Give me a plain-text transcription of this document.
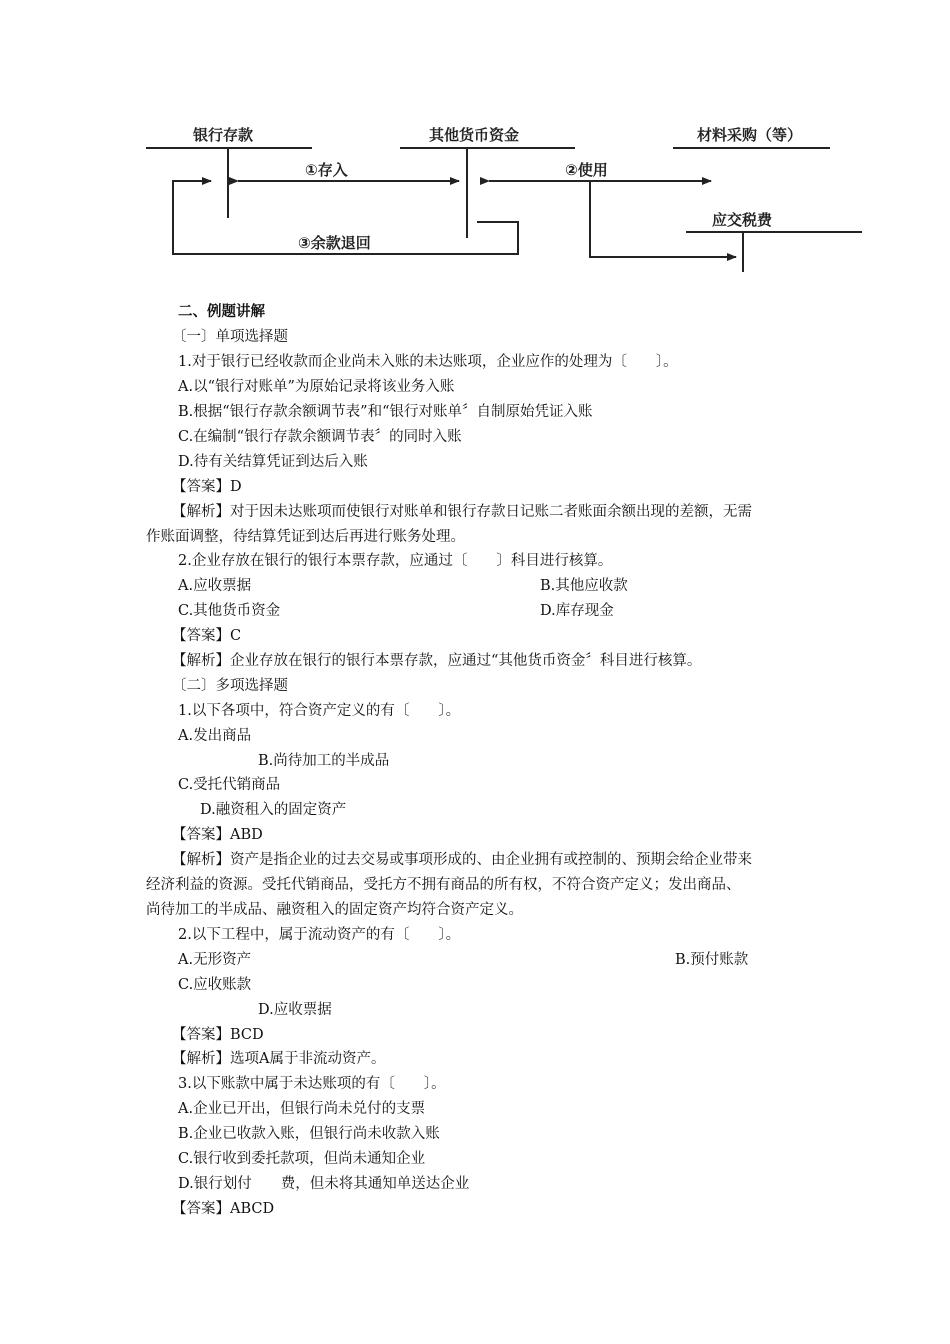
银行存款	其他货币资金	材料采购（等）
应交税费
①存入	②使用
③余款退回
二、例题讲解
〔一〕单项选择题
1.对于银行已经收款而企业尚未入账的未达账项，企业应作的处理为〔　　〕。
A.以“银行对账单”为原始记录将该业务入账
B.根据“银行存款余额调节表”和“银行对账单〞自制原始凭证入账
C.在编制“银行存款余额调节表〞的同时入账
D.待有关结算凭证到达后入账
【答案】D
【解析】对于因未达账项而使银行对账单和银行存款日记账二者账面余额出现的差额，无需
作账面调整，待结算凭证到达后再进行账务处理。
2.企业存放在银行的银行本票存款，应通过〔　　〕科目进行核算。
A.应收票据	B.其他应收款
C.其他货币资金	D.库存现金
【答案】C
【解析】企业存放在银行的银行本票存款，应通过“其他货币资金〞科目进行核算。
〔二〕多项选择题
1.以下各项中，符合资产定义的有〔　　〕。
A.发出商品
B.尚待加工的半成品
C.受托代销商品
D.融资租入的固定资产
【答案】ABD
【解析】资产是指企业的过去交易或事项形成的、由企业拥有或控制的、预期会给企业带来
经济利益的资源。受托代销商品，受托方不拥有商品的所有权，不符合资产定义；发出商品、
尚待加工的半成品、融资租入的固定资产均符合资产定义。
2.以下工程中，属于流动资产的有〔　　〕。
A.无形资产	B.预付账款
C.应收账款
D.应收票据
【答案】BCD
【解析】选项A属于非流动资产。
3.以下账款中属于未达账项的有〔　　〕。
A.企业已开出，但银行尚未兑付的支票
B.企业已收款入账，但银行尚未收款入账
C.银行收到委托款项，但尚未通知企业
D.银行划付　　费，但未将其通知单送达企业
【答案】ABCD
